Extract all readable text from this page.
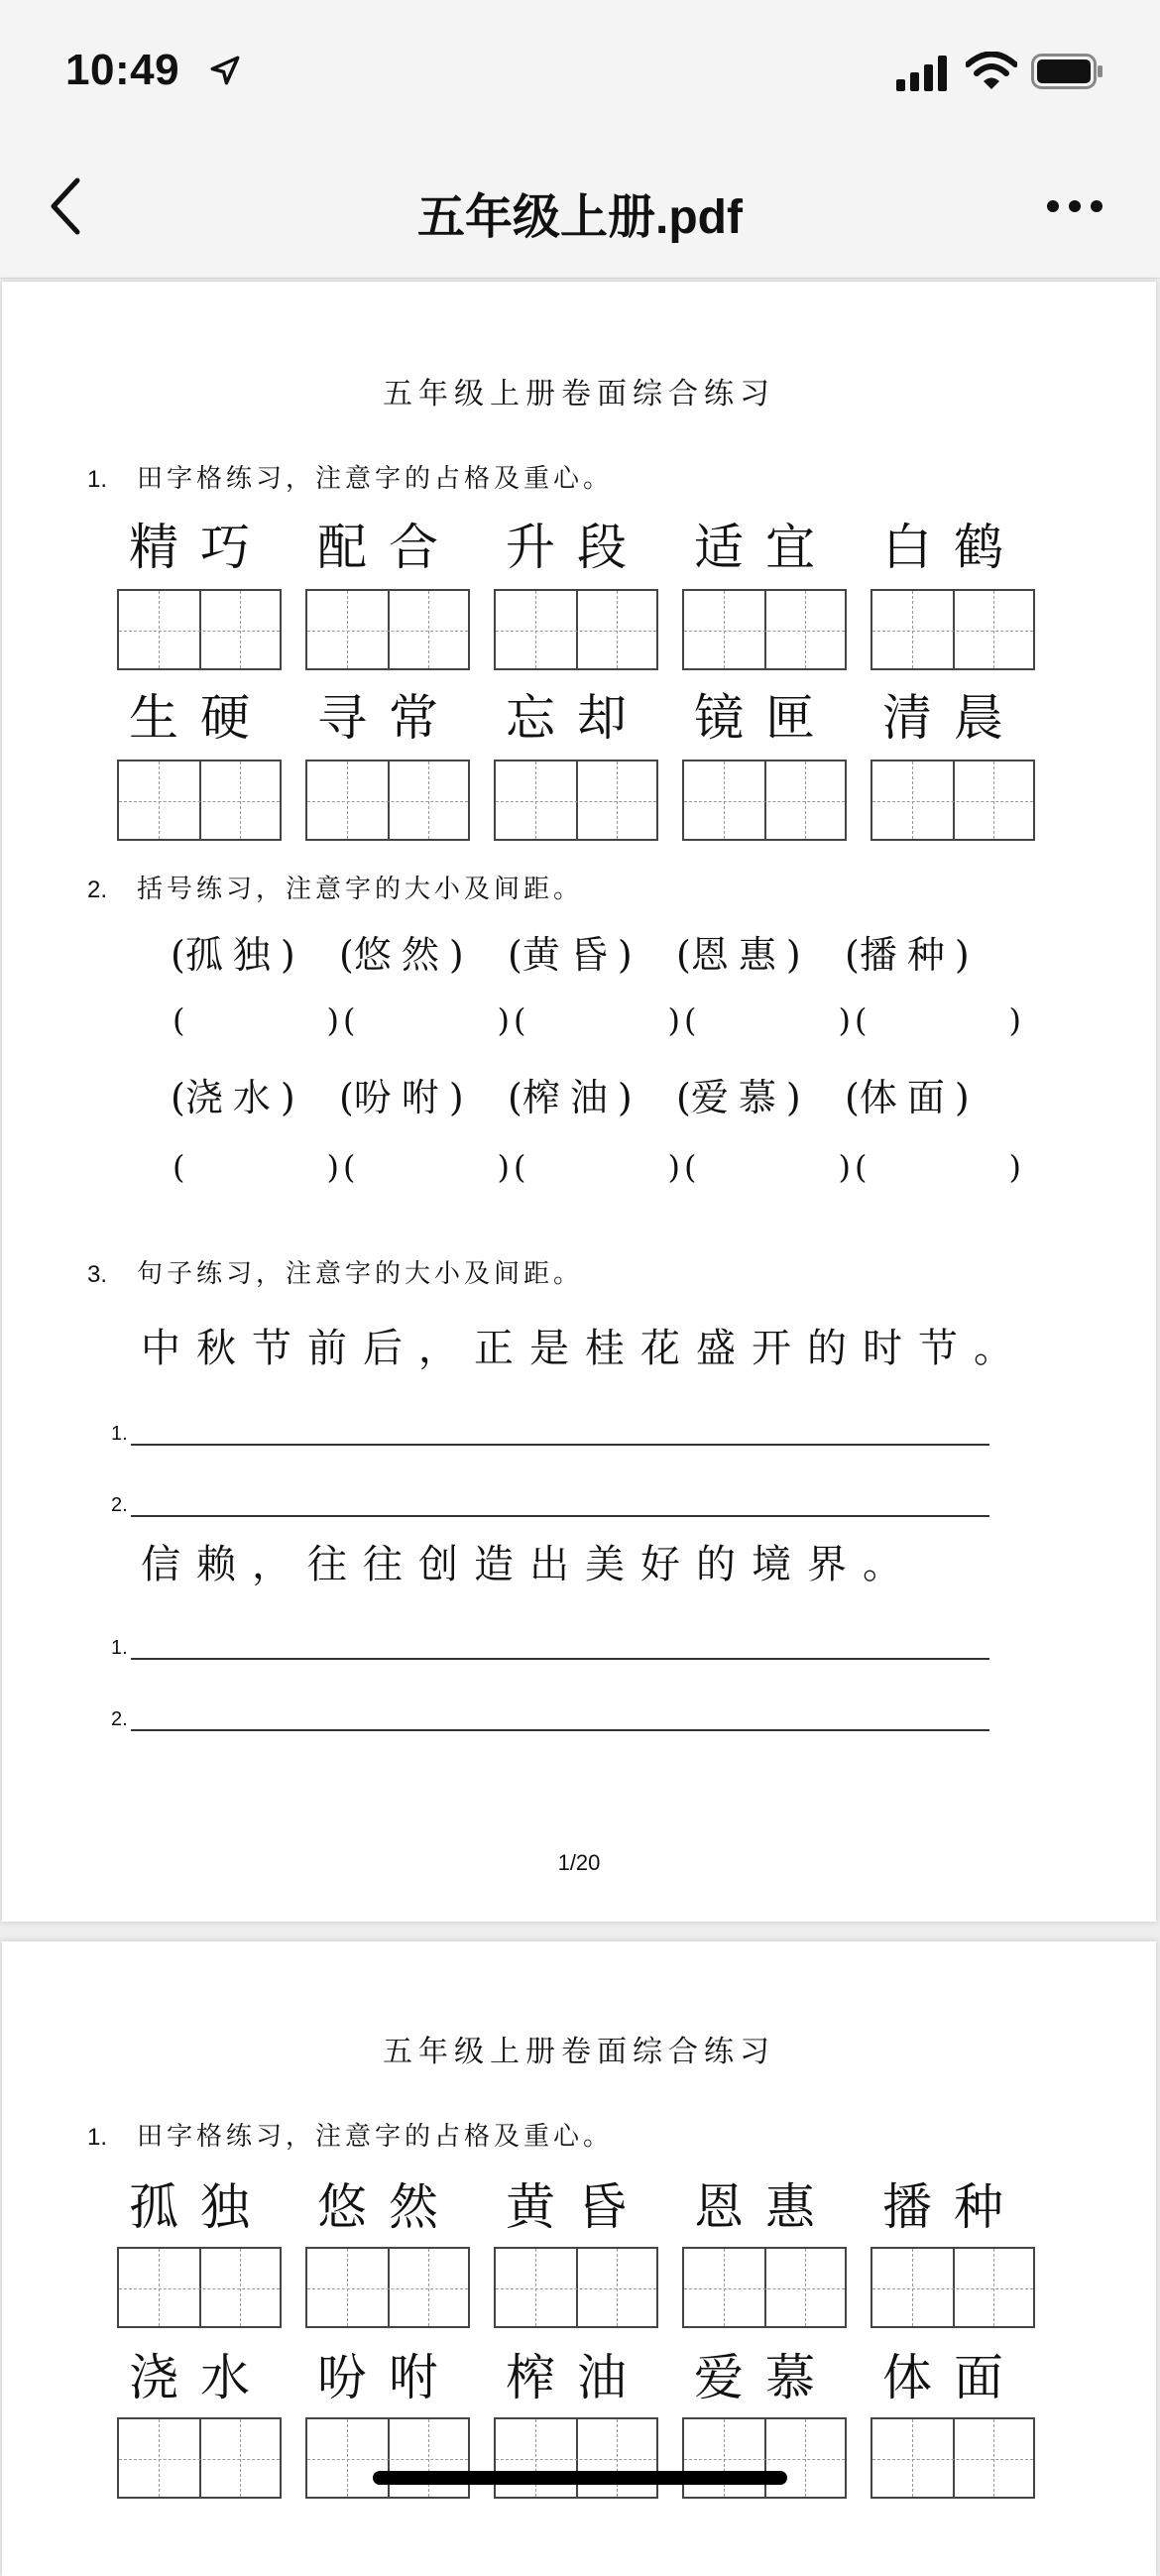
10:49
五年级上册.pdf
五年级上册卷面综合练习
1. 田字格练习，注意字的占格及重心。
精巧 配合 升段 适宜 白鹤
生硬 寻常 忘却 镜匣 清晨
2. 括号练习，注意字的大小及间距。
(孤独)	(悠然)	(黄昏)	(恩惠)	(播种)
(	) (	) (	) (	) (	)
(浇水)	(吩咐)	(榨油)	(爱慕)	(体面)
(	) (	) (	) (	) (	)
3. 句子练习，注意字的大小及间距。
中秋节前后，正是桂花盛开的时节。
1.
2.
信赖，往往创造出美好的境界。
1.
2.
1/20
五年级上册卷面综合练习
1. 田字格练习，注意字的占格及重心。
孤独 悠然 黄昏 恩惠 播种
浇水 吩咐 榨油 爱慕 体面
